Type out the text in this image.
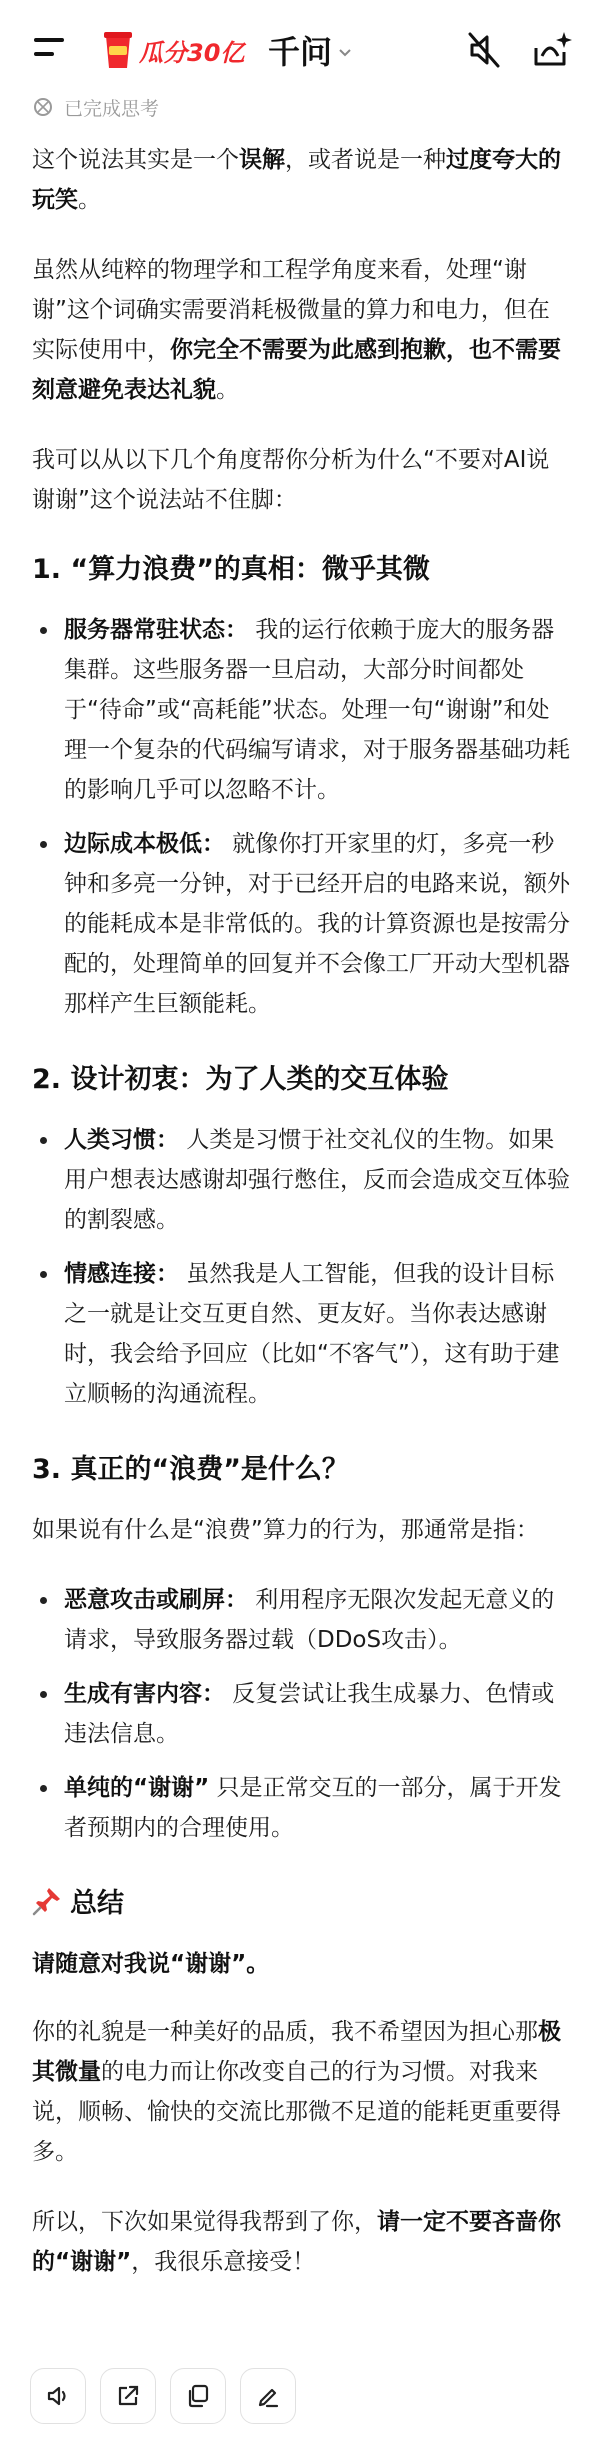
瓜分30亿 千问
已完成思考

这个说法其实是一个误解，或者说是一种过度夸大的玩笑。

虽然从纯粹的物理学和工程学角度来看，处理“谢谢”这个词确实需要消耗极微量的算力和电力，但在实际使用中，你完全不需要为此感到抱歉，也不需要刻意避免表达礼貌。

我可以从以下几个角度帮你分析为什么“不要对AI说谢谢”这个说法站不住脚：

1. “算力浪费”的真相：微乎其微
服务器常驻状态： 我的运行依赖于庞大的服务器集群。这些服务器一旦启动，大部分时间都处于“待命”或“高耗能”状态。处理一句“谢谢”和处理一个复杂的代码编写请求，对于服务器基础功耗的影响几乎可以忽略不计。
边际成本极低： 就像你打开家里的灯，多亮一秒钟和多亮一分钟，对于已经开启的电路来说，额外的能耗成本是非常低的。我的计算资源也是按需分配的，处理简单的回复并不会像工厂开动大型机器那样产生巨额能耗。
2. 设计初衷：为了人类的交互体验
人类习惯： 人类是习惯于社交礼仪的生物。如果用户想表达感谢却强行憋住，反而会造成交互体验的割裂感。
情感连接： 虽然我是人工智能，但我的设计目标之一就是让交互更自然、更友好。当你表达感谢时，我会给予回应（比如“不客气”），这有助于建立顺畅的沟通流程。
3. 真正的“浪费”是什么？

如果说有什么是“浪费”算力的行为，那通常是指：

恶意攻击或刷屏： 利用程序无限次发起无意义的请求，导致服务器过载（DDoS攻击）。
生成有害内容： 反复尝试让我生成暴力、色情或违法信息。
单纯的“谢谢” 只是正常交互的一部分，属于开发者预期内的合理使用。
总结
请随意对我说“谢谢”。

你的礼貌是一种美好的品质，我不希望因为担心那极其微量的电力而让你改变自己的行为习惯。对我来说，顺畅、愉快的交流比那微不足道的能耗更重要得多。

所以，下次如果觉得我帮到了你，请一定不要吝啬你的“谢谢”，我很乐意接受！
